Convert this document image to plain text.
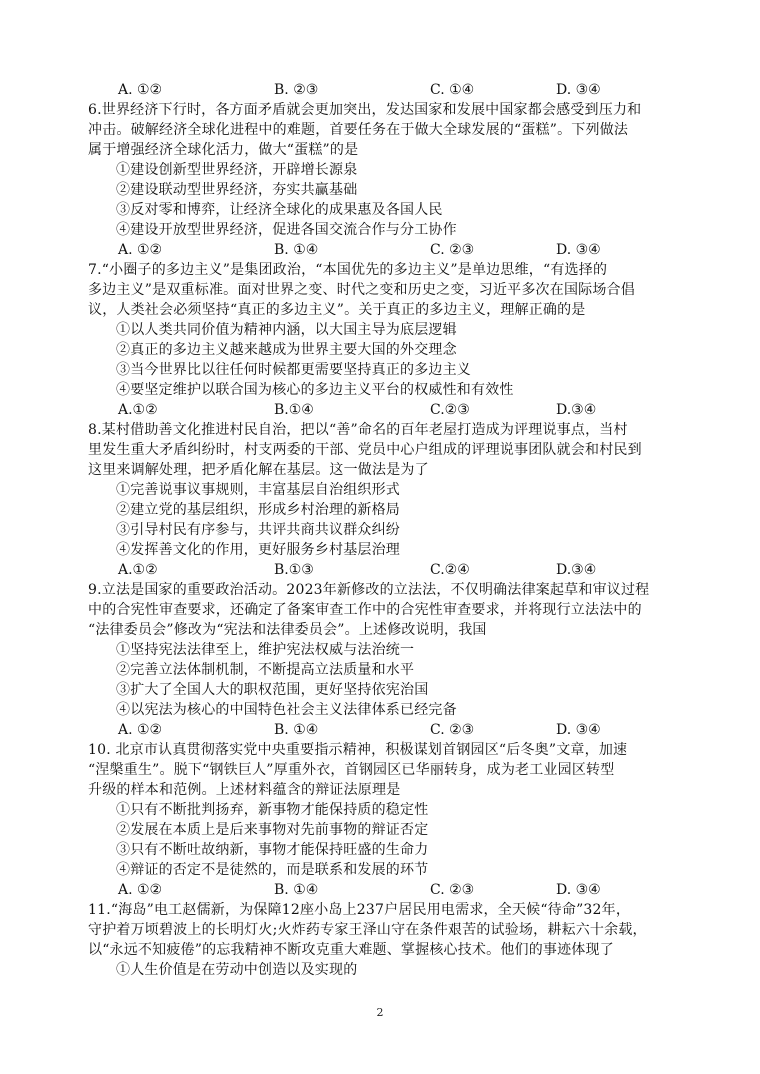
A. ①②	B. ②③	C. ①④	D. ③④
6.世界经济下行时，各方面矛盾就会更加突出，发达国家和发展中国家都会感受到压力和
冲击。破解经济全球化进程中的难题，首要任务在于做大全球发展的“蛋糕”。下列做法
属于增强经济全球化活力，做大“蛋糕”的是
①建设创新型世界经济，开辟增长源泉
②建设联动型世界经济，夯实共赢基础
③反对零和博弈，让经济全球化的成果惠及各国人民
④建设开放型世界经济，促进各国交流合作与分工协作
A. ①②	B. ①④	C. ②③	D. ③④
7.“小圈子的多边主义”是集团政治，“本国优先的多边主义”是单边思维，“有选择的
多边主义”是双重标准。面对世界之变、时代之变和历史之变，习近平多次在国际场合倡
议，人类社会必须坚持“真正的多边主义”。关于真正的多边主义，理解正确的是
①以人类共同价值为精神内涵，以大国主导为底层逻辑
②真正的多边主义越来越成为世界主要大国的外交理念
③当今世界比以往任何时候都更需要坚持真正的多边主义
④要坚定维护以联合国为核心的多边主义平台的权威性和有效性
A.①②	B.①④	C.②③	D.③④
8.某村借助善文化推进村民自治，把以“善”命名的百年老屋打造成为评理说事点，当村
里发生重大矛盾纠纷时，村支两委的干部、党员中心户组成的评理说事团队就会和村民到
这里来调解处理，把矛盾化解在基层。这一做法是为了
①完善说事议事规则，丰富基层自治组织形式
②建立党的基层组织，形成乡村治理的新格局
③引导村民有序参与，共评共商共议群众纠纷
④发挥善文化的作用，更好服务乡村基层治理
A.①②	B.①③	C.②④	D.③④
9.立法是国家的重要政治活动。2023年新修改的立法法，不仅明确法律案起草和审议过程
中的合宪性审查要求，还确定了备案审查工作中的合宪性审查要求，并将现行立法法中的
“法律委员会”修改为“宪法和法律委员会”。上述修改说明，我国
①坚持宪法法律至上，维护宪法权威与法治统一
②完善立法体制机制，不断提高立法质量和水平
③扩大了全国人大的职权范围，更好坚持依宪治国
④以宪法为核心的中国特色社会主义法律体系已经完备
A. ①②	B. ①④	C. ②③	D. ③④
10. 北京市认真贯彻落实党中央重要指示精神，积极谋划首钢园区“后冬奥”文章，加速
“涅槃重生”。脱下“钢铁巨人”厚重外衣，首钢园区已华丽转身，成为老工业园区转型
升级的样本和范例。上述材料蕴含的辩证法原理是
①只有不断批判扬弃，新事物才能保持质的稳定性
②发展在本质上是后来事物对先前事物的辩证否定
③只有不断吐故纳新，事物才能保持旺盛的生命力
④辩证的否定不是徒然的，而是联系和发展的环节
A. ①②	B. ①④	C. ②③	D. ③④
11.“海岛”电工赵儒新，为保障12座小岛上237户居民用电需求，全天候“待命”32年，
守护着万顷碧波上的长明灯火;火炸药专家王泽山守在条件艰苦的试验场，耕耘六十余载，
以“永远不知疲倦”的忘我精神不断攻克重大难题、掌握核心技术。他们的事迹体现了
①人生价值是在劳动中创造以及实现的
2
